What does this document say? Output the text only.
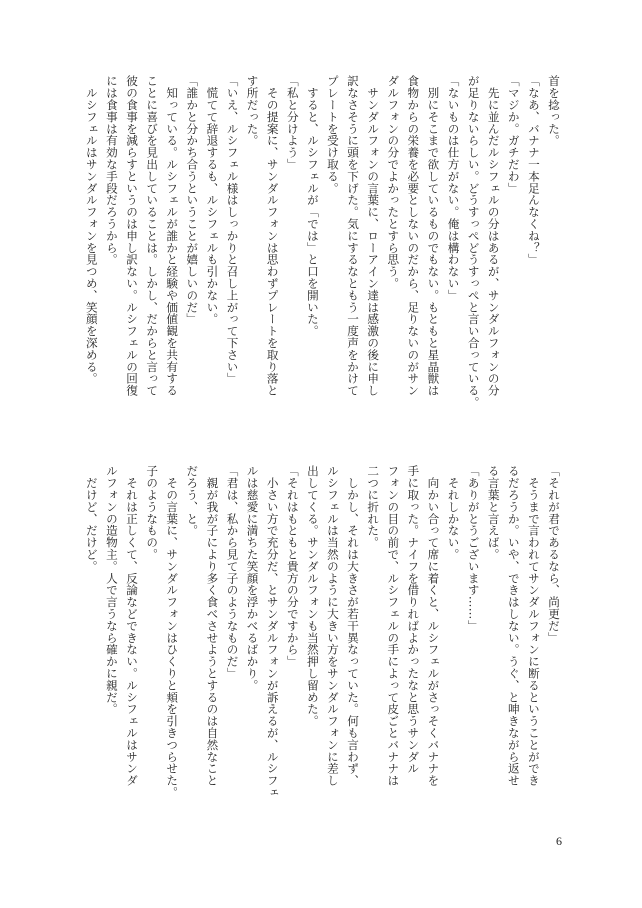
首を捻った。
「なあ、バナナ一本足んなくね？」
「マジか。ガチだわ」
　先に並んだルシフェルの分はあるが、サンダルフォンの分
が足りないらしい。どうすっぺどうすっぺと言い合っている。
「ないものは仕方がない。俺は構わない」
　別にそこまで欲しているものでもない。もともと星晶獣は
食物からの栄養を必要としないのだから、足りないのがサン
ダルフォンの分でよかったとすら思う。
　サンダルフォンの言葉に、ローアイン達は感激の後に申し
訳なさそうに頭を下げた。気にするなともう一度声をかけて
プレートを受け取る。
　すると、ルシフェルが「では」と口を開いた。
「私と分けよう」
　その提案に、サンダルフォンは思わずプレートを取り落と
す所だった。
「いえ、ルシフェル様はしっかりと召し上がって下さい」
　慌てて辞退するも、ルシフェルも引かない。
「誰かと分かち合うということが嬉しいのだ」
　知っている。ルシフェルが誰かと経験や価値観を共有する
ことに喜びを見出していることは。しかし、だからと言って
彼の食事を減らすというのは申し訳ない。ルシフェルの回復
には食事は有効な手段だろうから。
　ルシフェルはサンダルフォンを見つめ、笑顔を深める。
「それが君であるなら、尚更だ」
　そうまで言われてサンダルフォンに断るということができ
るだろうか。いや、できはしない。うぐ、と呻きながら返せ
る言葉と言えば。
「ありがとうございます……」
　それしかない。
　向かい合って席に着くと、ルシフェルがさっそくバナナを
手に取った。ナイフを借りればよかったなと思うサンダル
フォンの目の前で、ルシフェルの手によって皮ごとバナナは
二つに折れた。
　しかし、それは大きさが若干異なっていた。何も言わず、
ルシフェルは当然のように大きい方をサンダルフォンに差し
出してくる。サンダルフォンも当然押し留めた。
「それはもともと貴方の分ですから」
　小さい方で充分だ、とサンダルフォンが訴えるが、ルシフェ
ルは慈愛に満ちた笑顔を浮かべるばかり。
「君は、私から見て子のようなものだ」
　親が我が子により多く食べさせようとするのは自然なこと
だろう、と。
　その言葉に、サンダルフォンはひくりと頬を引きつらせた。
子のようなもの。
　それは正しくて、反論などできない。ルシフェルはサンダ
ルフォンの造物主。人で言うなら確かに親だ。
　だけど、だけど。
6
